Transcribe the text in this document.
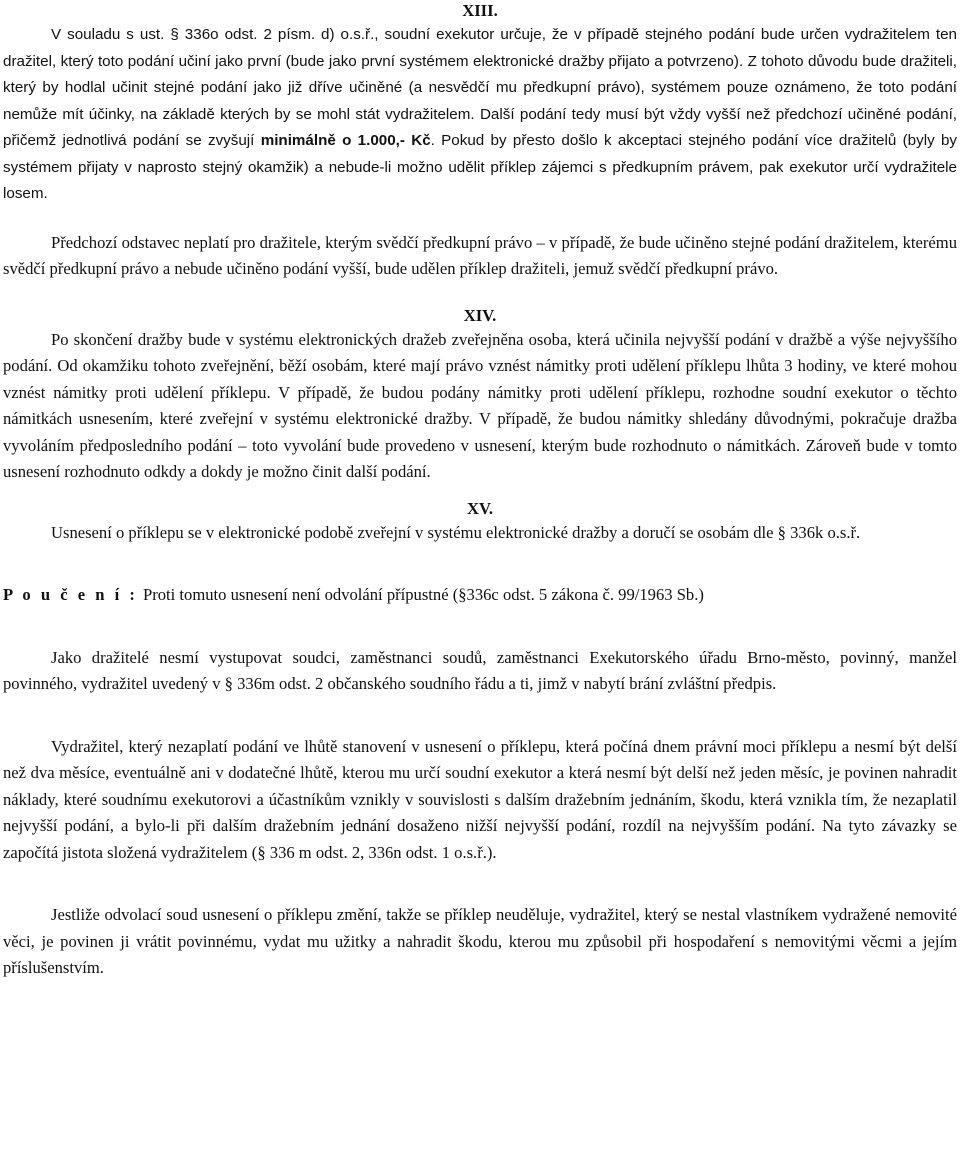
XIII.

V souladu s ust. § 336o odst. 2 písm. d) o.s.ř., soudní exekutor určuje, že v případě stejného podání bude určen vydražitelem ten dražitel, který toto podání učiní jako první (bude jako první systémem elektronické dražby přijato a potvrzeno). Z tohoto důvodu bude dražiteli, který by hodlal učinit stejné podání jako již dříve učiněné (a nesvědčí mu předkupní právo), systémem pouze oznámeno, že toto podání nemůže mít účinky, na základě kterých by se mohl stát vydražitelem. Další podání tedy musí být vždy vyšší než předchozí učiněné podání, přičemž jednotlivá podání se zvyšují minimálně o 1.000,- Kč. Pokud by přesto došlo k akceptaci stejného podání více dražitelů (byly by systémem přijaty v naprosto stejný okamžik) a nebude-li možno udělit příklep zájemci s předkupním právem, pak exekutor určí vydražitele losem.

Předchozí odstavec neplatí pro dražitele, kterým svědčí předkupní právo – v případě, že bude učiněno stejné podání dražitelem, kterému svědčí předkupní právo a nebude učiněno podání vyšší, bude udělen příklep dražiteli, jemuž svědčí předkupní právo.

XIV.

Po skončení dražby bude v systému elektronických dražeb zveřejněna osoba, která učinila nejvyšší podání v dražbě a výše nejvyššího podání. Od okamžiku tohoto zveřejnění, běží osobám, které mají právo vznést námitky proti udělení příklepu lhůta 3 hodiny, ve které mohou vznést námitky proti udělení příklepu. V případě, že budou podány námitky proti udělení příklepu, rozhodne soudní exekutor o těchto námitkách usnesením, které zveřejní v systému elektronické dražby. V případě, že budou námitky shledány důvodnými, pokračuje dražba vyvoláním předposledního podání – toto vyvolání bude provedeno v usnesení, kterým bude rozhodnuto o námitkách. Zároveň bude v tomto usnesení rozhodnuto odkdy a dokdy je možno činit další podání.

XV.

Usnesení o příklepu se v elektronické podobě zveřejní v systému elektronické dražby a doručí se osobám dle § 336k o.s.ř.

P o u č e n í : Proti tomuto usnesení není odvolání přípustné (§336c odst. 5 zákona č. 99/1963 Sb.)

Jako dražitelé nesmí vystupovat soudci, zaměstnanci soudů, zaměstnanci Exekutorského úřadu Brno-město, povinný, manžel povinného, vydražitel uvedený v § 336m odst. 2 občanského soudního řádu a ti, jimž v nabytí brání zvláštní předpis.

Vydražitel, který nezaplatí podání ve lhůtě stanovení v usnesení o příklepu, která počíná dnem právní moci příklepu a nesmí být delší než dva měsíce, eventuálně ani v dodatečné lhůtě, kterou mu určí soudní exekutor a která nesmí být delší než jeden měsíc, je povinen nahradit náklady, které soudnímu exekutorovi a účastníkům vznikly v souvislosti s dalším dražebním jednáním, škodu, která vznikla tím, že nezaplatil nejvyšší podání, a bylo-li při dalším dražebním jednání dosaženo nižší nejvyšší podání, rozdíl na nejvyšším podání. Na tyto závazky se započítá jistota složená vydražitelem (§ 336 m odst. 2, 336n odst. 1 o.s.ř.).

Jestliže odvolací soud usnesení o příklepu změní, takže se příklep neuděluje, vydražitel, který se nestal vlastníkem vydražené nemovité věci, je povinen ji vrátit povinnému, vydat mu užitky a nahradit škodu, kterou mu způsobil při hospodaření s nemovitými věcmi a jejím příslušenstvím.
